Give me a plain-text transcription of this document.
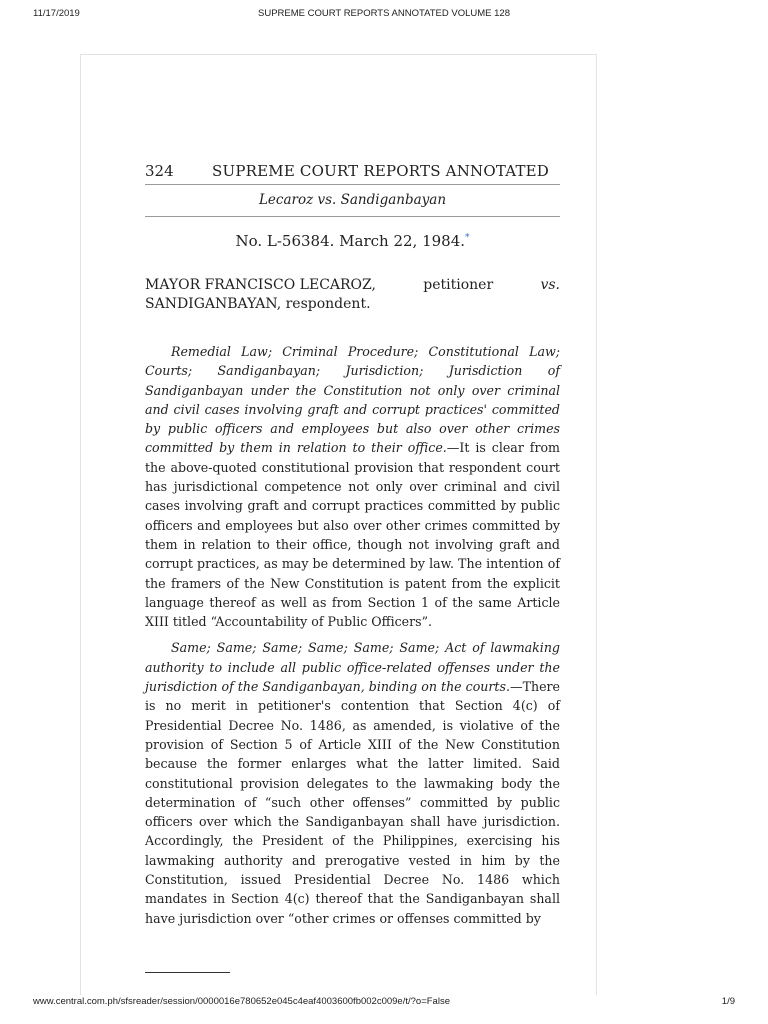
11/17/2019	SUPREME COURT REPORTS ANNOTATED VOLUME 128
324	SUPREME COURT REPORTS ANNOTATED
Lecaroz vs. Sandiganbayan
No. L-56384. March 22, 1984.*
MAYOR FRANCISCO LECAROZ,	petitioner	vs.
SANDIGANBAYAN, respondent.

Remedial Law; Criminal Procedure; Constitutional Law; Courts; Sandiganbayan; Jurisdiction; Jurisdiction of Sandiganbayan under the Constitution not only over criminal and civil cases involving graft and corrupt practices' committed by public officers and employees but also over other crimes committed by them in relation to their office.—It is clear from the above-quoted constitutional provision that respondent court has jurisdictional competence not only over criminal and civil cases involving graft and corrupt practices committed by public officers and employees but also over other crimes committed by them in relation to their office, though not involving graft and corrupt practices, as may be determined by law. The intention of the framers of the New Constitution is patent from the explicit language thereof as well as from Section 1 of the same Article XIII titled “Accountability of Public Officers”.

Same; Same; Same; Same; Same; Same; Act of lawmaking authority to include all public office-related offenses under the jurisdiction of the Sandiganbayan, binding on the courts.—There is no merit in petitioner's contention that Section 4(c) of Presidential Decree No. 1486, as amended, is violative of the provision of Section 5 of Article XIII of the New Constitution because the former enlarges what the latter limited. Said constitutional provision delegates to the lawmaking body the determination of “such other offenses” committed by public officers over which the Sandiganbayan shall have jurisdiction. Accordingly, the President of the Philippines, exercising his lawmaking authority and prerogative vested in him by the Constitution, issued Presidential Decree No. 1486 which mandates in Section 4(c) thereof that the Sandiganbayan shall have jurisdiction over “other crimes or offenses committed by

www.central.com.ph/sfsreader/session/0000016e780652e045c4eaf4003600fb002c009e/t/?o=False	1/9
